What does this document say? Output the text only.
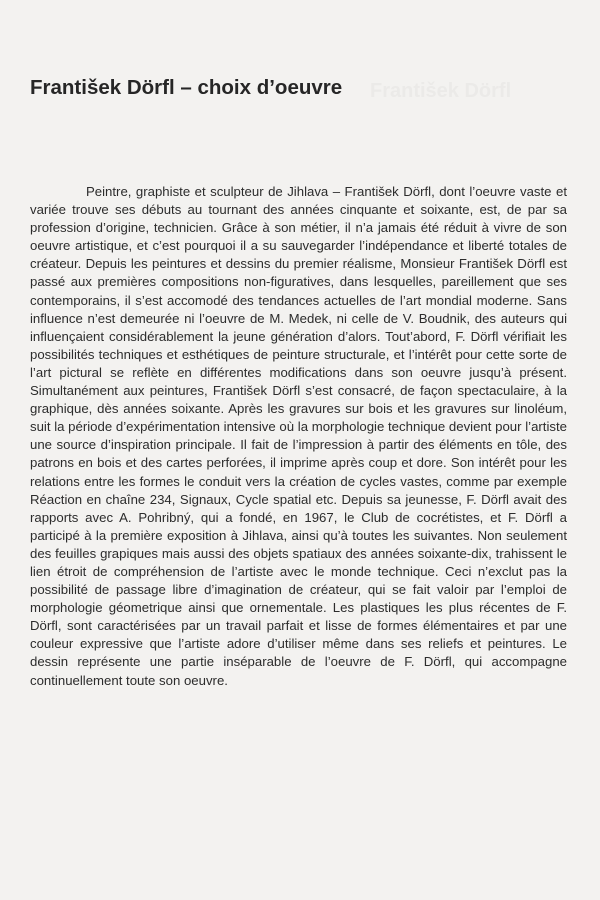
František Dörfl
František Dörfl – choix d’oeuvre

Peintre, graphiste et sculpteur de Jihlava – František Dörfl, dont l’oeuvre vaste et variée trouve ses débuts au tournant des années cinquante et soixante, est, de par sa profession d’origine, technicien. Grâce à son métier, il n’a jamais été réduit à vivre de son oeuvre artistique, et c’est pourquoi il a su sauvegarder l’indépendance et liberté totales de créateur. Depuis les peintures et dessins du premier réalisme, Monsieur František Dörfl est passé aux premières compositions non-figuratives, dans lesquelles, pareillement que ses contemporains, il s’est accomodé des tendances actuelles de l’art mondial moderne. Sans influence n’est demeurée ni l’oeuvre de M. Medek, ni celle de V. Boudnik, des auteurs qui influençaient considérablement la jeune génération d’alors. Tout’abord, F. Dörfl vérifiait les possibilités techniques et esthétiques de peinture structurale, et l’intérêt pour cette sorte de l’art pictural se reflète en différentes modifications dans son oeuvre jusqu’à présent. Simultanément aux peintures, František Dörfl s’est consacré, de façon spectaculaire, à la graphique, dès années soixante. Après les gravures sur bois et les gravures sur linoléum, suit la période d’expérimentation intensive où la morphologie technique devient pour l’artiste une source d’inspiration principale. Il fait de l’impression à partir des éléments en tôle, des patrons en bois et des cartes perforées, il imprime après coup et dore. Son intérêt pour les relations entre les formes le conduit vers la création de cycles vastes, comme par exemple Réaction en chaîne 234, Signaux, Cycle spatial etc. Depuis sa jeunesse, F. Dörfl avait des rapports avec A. Pohribný, qui a fondé, en 1967, le Club de cocrétistes, et F. Dörfl a participé à la première exposition à Jihlava, ainsi qu’à toutes les suivantes. Non seulement des feuilles grapiques mais aussi des objets spatiaux des années soixante-dix, trahissent le lien étroit de compréhension de l’artiste avec le monde technique. Ceci n’exclut pas la possibilité de passage libre d’imagination de créateur, qui se fait valoir par l’emploi de morphologie géometrique ainsi que ornementale. Les plastiques les plus récentes de F. Dörfl, sont caractérisées par un travail parfait et lisse de formes élémentaires et par une couleur expressive que l’artiste adore d’utiliser même dans ses reliefs et peintures. Le dessin représente une partie inséparable de l’oeuvre de F. Dörfl, qui accompagne continuellement toute son oeuvre.
